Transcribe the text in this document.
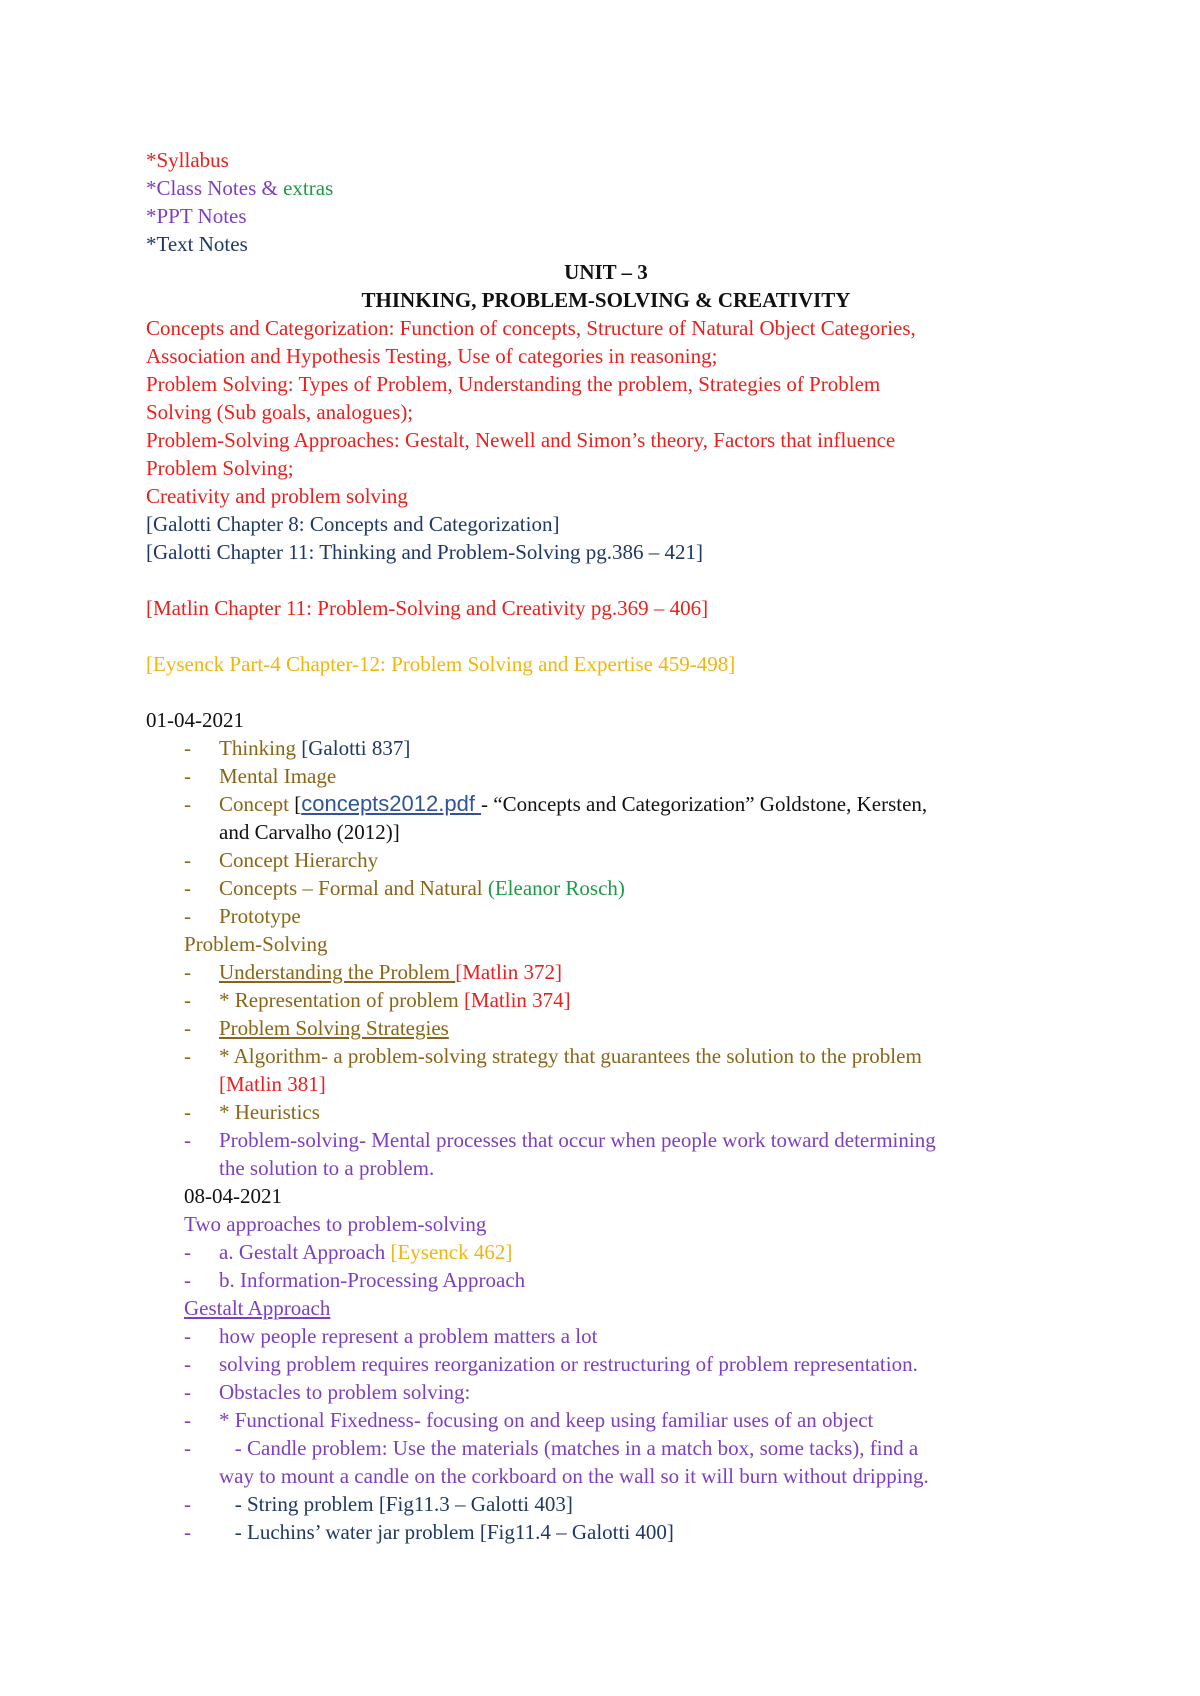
*Syllabus
*Class Notes & extras
*PPT Notes
*Text Notes
UNIT – 3
THINKING, PROBLEM-SOLVING & CREATIVITY
Concepts and Categorization: Function of concepts, Structure of Natural Object Categories,
Association and Hypothesis Testing, Use of categories in reasoning;
Problem Solving: Types of Problem, Understanding the problem, Strategies of Problem
Solving (Sub goals, analogues);
Problem-Solving Approaches: Gestalt, Newell and Simon’s theory, Factors that influence
Problem Solving;
Creativity and problem solving
[Galotti Chapter 8: Concepts and Categorization]
[Galotti Chapter 11: Thinking and Problem-Solving pg.386 – 421]
[Matlin Chapter 11: Problem-Solving and Creativity pg.369 – 406]
[Eysenck Part-4 Chapter-12: Problem Solving and Expertise 459-498]
01-04-2021
- Thinking [Galotti 837]
- Mental Image
- Concept [concepts2012.pdf - “Concepts and Categorization” Goldstone, Kersten,
and Carvalho (2012)]
- Concept Hierarchy
- Concepts – Formal and Natural (Eleanor Rosch)
- Prototype
Problem-Solving
- Understanding the Problem [Matlin 372]
- * Representation of problem [Matlin 374]
- Problem Solving Strategies
- * Algorithm- a problem-solving strategy that guarantees the solution to the problem
[Matlin 381]
- * Heuristics
- Problem-solving- Mental processes that occur when people work toward determining
the solution to a problem.
08-04-2021
Two approaches to problem-solving
- a. Gestalt Approach [Eysenck 462]
- b. Information-Processing Approach
Gestalt Approach
- how people represent a problem matters a lot
- solving problem requires reorganization or restructuring of problem representation.
- Obstacles to problem solving:
- * Functional Fixedness- focusing on and keep using familiar uses of an object
- - Candle problem: Use the materials (matches in a match box, some tacks), find a
way to mount a candle on the corkboard on the wall so it will burn without dripping.
- - String problem [Fig11.3 – Galotti 403]
- - Luchins’ water jar problem [Fig11.4 – Galotti 400]
